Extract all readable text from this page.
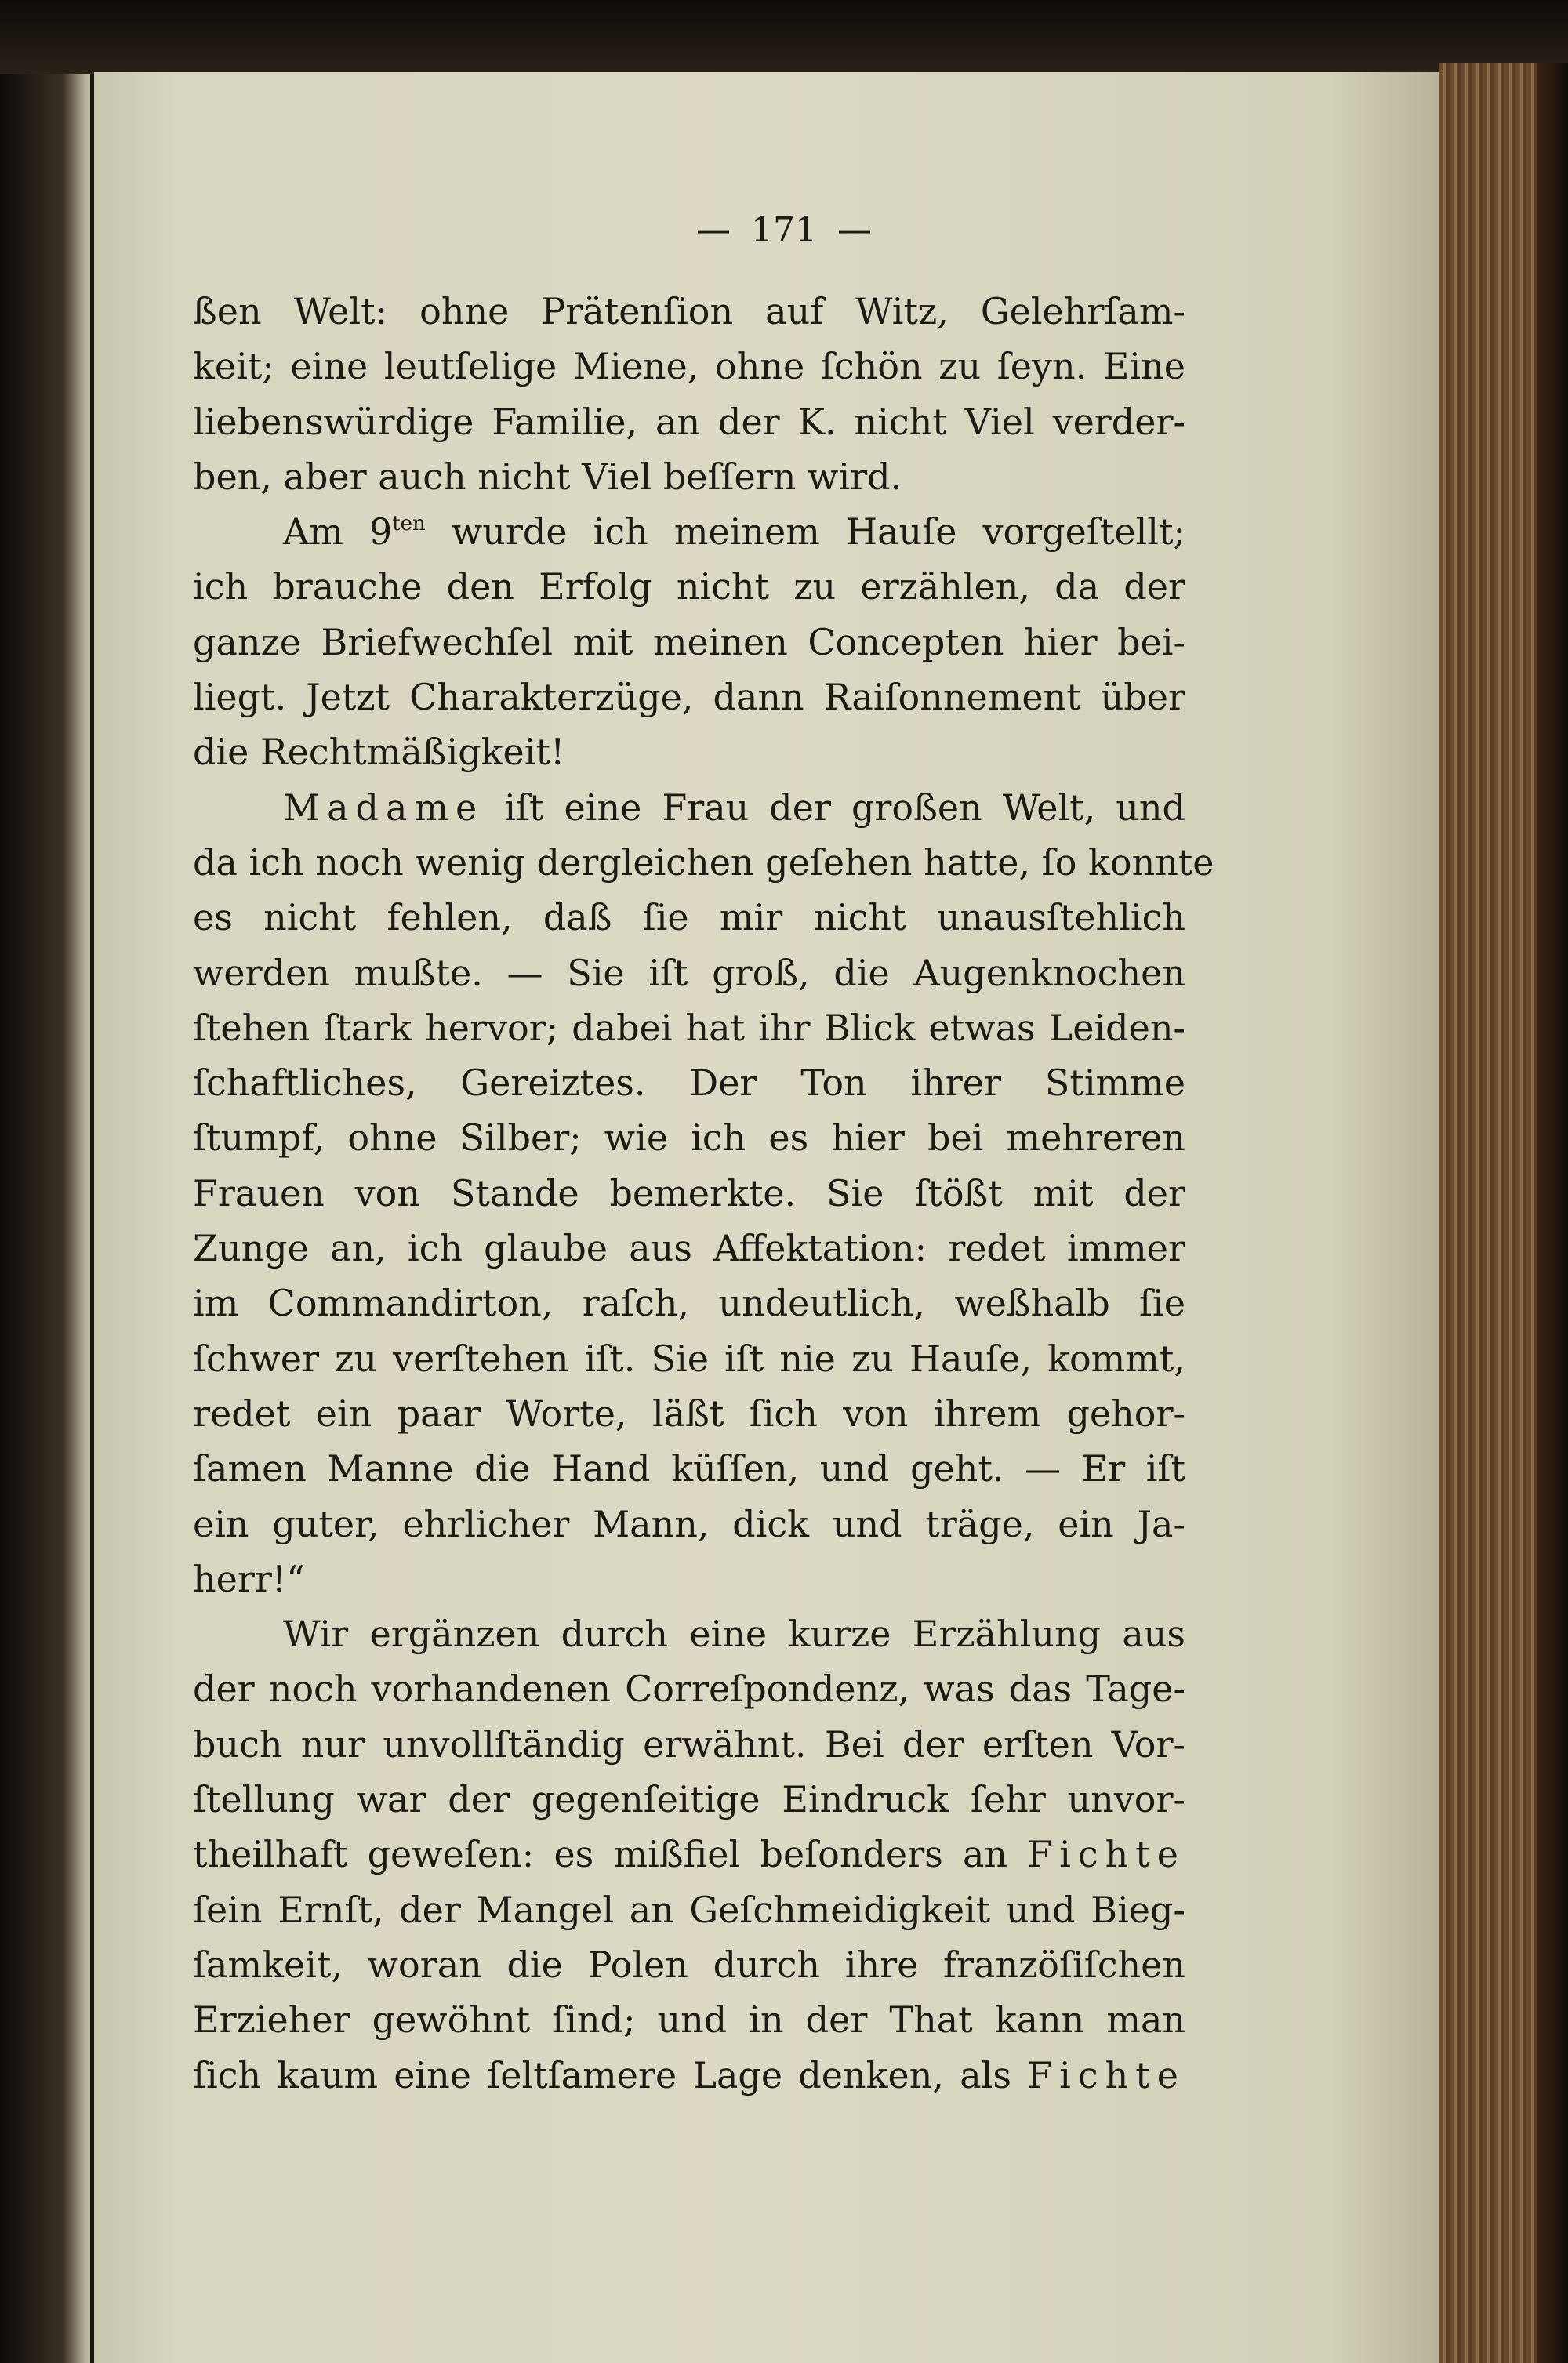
— 171 —
ßen Welt: ohne Prätenſion auf Witz, Gelehrſam-
keit; eine leutſelige Miene, ohne ſchön zu ſeyn. Eine
liebenswürdige Familie, an der K. nicht Viel verder-
ben, aber auch nicht Viel beſſern wird.
Am $9^{ten}$ wurde ich meinem Hauſe vorgeſtellt;
ich brauche den Erfolg nicht zu erzählen, da der
ganze Briefwechſel mit meinen Concepten hier bei-
liegt. Jetzt Charakterzüge, dann Raiſonnement über
die Rechtmäßigkeit!
Madame iſt eine Frau der großen Welt, und
da ich noch wenig dergleichen geſehen hatte, ſo konnte
es nicht fehlen, daß ſie mir nicht unausſtehlich
werden mußte. — Sie iſt groß, die Augenknochen
ſtehen ſtark hervor; dabei hat ihr Blick etwas Leiden-
ſchaftliches, Gereiztes. Der Ton ihrer Stimme
ſtumpf, ohne Silber; wie ich es hier bei mehreren
Frauen von Stande bemerkte. Sie ſtößt mit der
Zunge an, ich glaube aus Affektation: redet immer
im Commandirton, raſch, undeutlich, weßhalb ſie
ſchwer zu verſtehen iſt. Sie iſt nie zu Hauſe, kommt,
redet ein paar Worte, läßt ſich von ihrem gehor-
ſamen Manne die Hand küſſen, und geht. — Er iſt
ein guter, ehrlicher Mann, dick und träge, ein Ja-
herr!“
Wir ergänzen durch eine kurze Erzählung aus
der noch vorhandenen Correſpondenz, was das Tage-
buch nur unvollſtändig erwähnt. Bei der erſten Vor-
ſtellung war der gegenſeitige Eindruck ſehr unvor-
theilhaft geweſen: es mißfiel beſonders an Fichte
ſein Ernſt, der Mangel an Geſchmeidigkeit und Bieg-
ſamkeit, woran die Polen durch ihre franzöſiſchen
Erzieher gewöhnt ſind; und in der That kann man
ſich kaum eine ſeltſamere Lage denken, als Fichte
